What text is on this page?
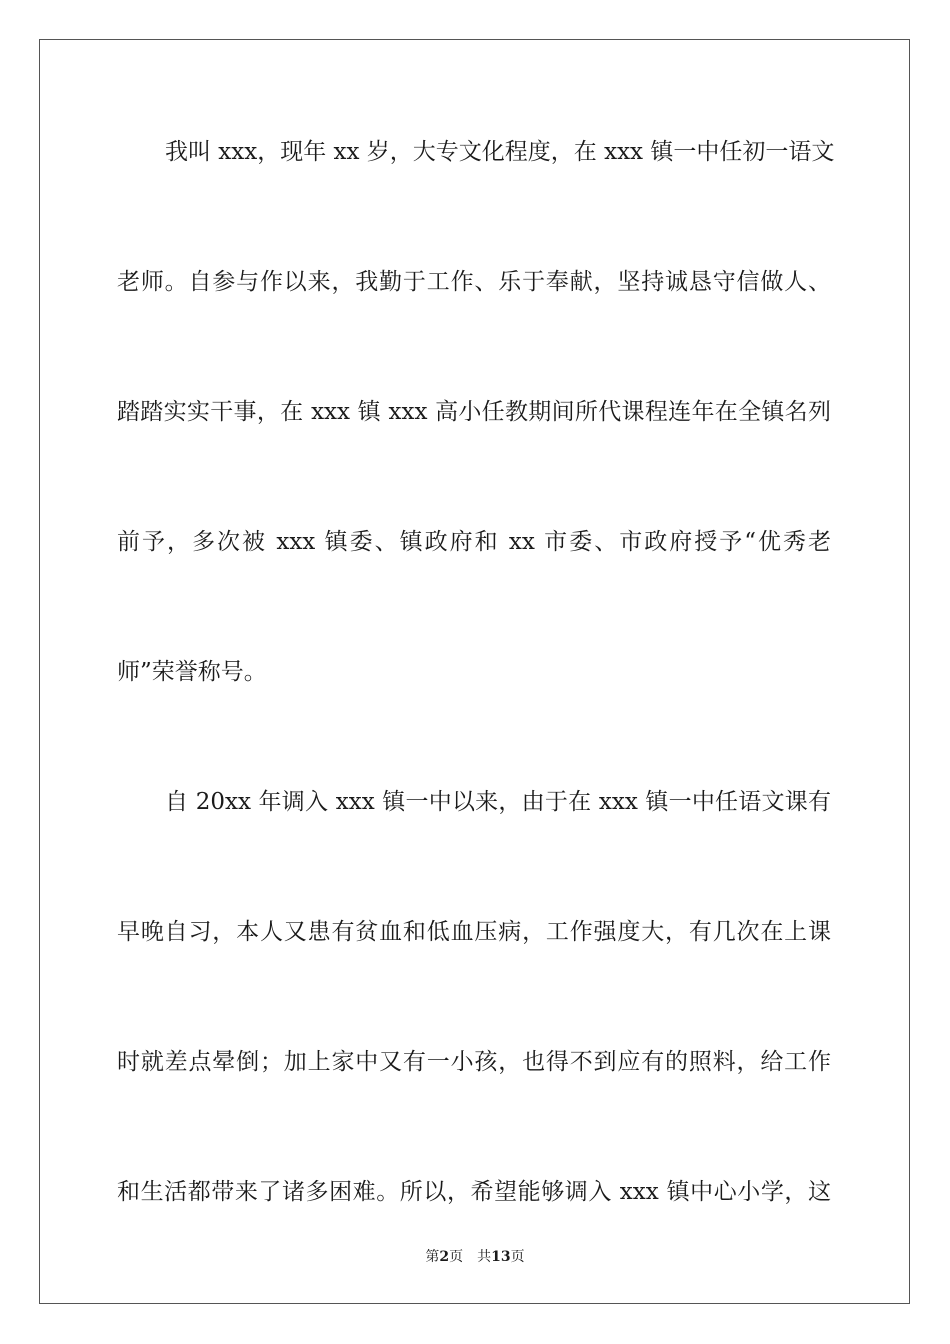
我叫 xxx，现年 xx 岁，大专文化程度，在 xxx 镇一中任初一语文
老师。自参与作以来，我勤于工作、乐于奉献，坚持诚恳守信做人、
踏踏实实干事，在 xxx 镇 xxx 高小任教期间所代课程连年在全镇名列
前予，多次被 xxx 镇委、镇政府和 xx 市委、市政府授予“优秀老
师”荣誉称号。
自 20xx 年调入 xxx 镇一中以来，由于在 xxx 镇一中任语文课有
早晚自习，本人又患有贫血和低血压病，工作强度大，有几次在上课
时就差点晕倒；加上家中又有一小孩，也得不到应有的照料，给工作
和生活都带来了诸多困难。所以，希望能够调入 xxx 镇中心小学，这
第2页 共13页
